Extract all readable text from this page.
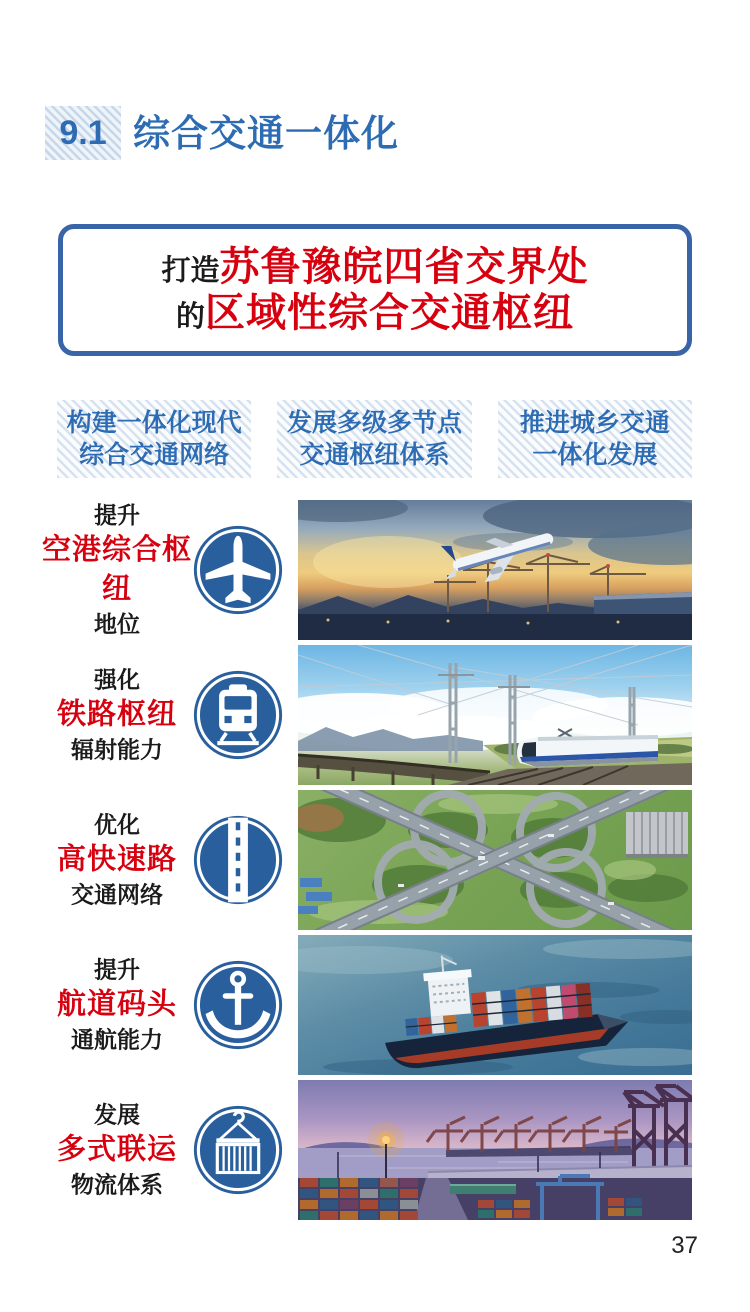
9.1 综合交通一体化
打造 苏鲁豫皖四省交界处
的 区域性综合交通枢纽
构建一体化现代
综合交通网络
发展多级多节点
交通枢纽体系
推进城乡交通
一体化发展
提升
空港综合枢纽
地位
强化
铁路枢纽
辐射能力
优化
高快速路
交通网络
提升
航道码头
通航能力
发展
多式联运
物流体系
37
